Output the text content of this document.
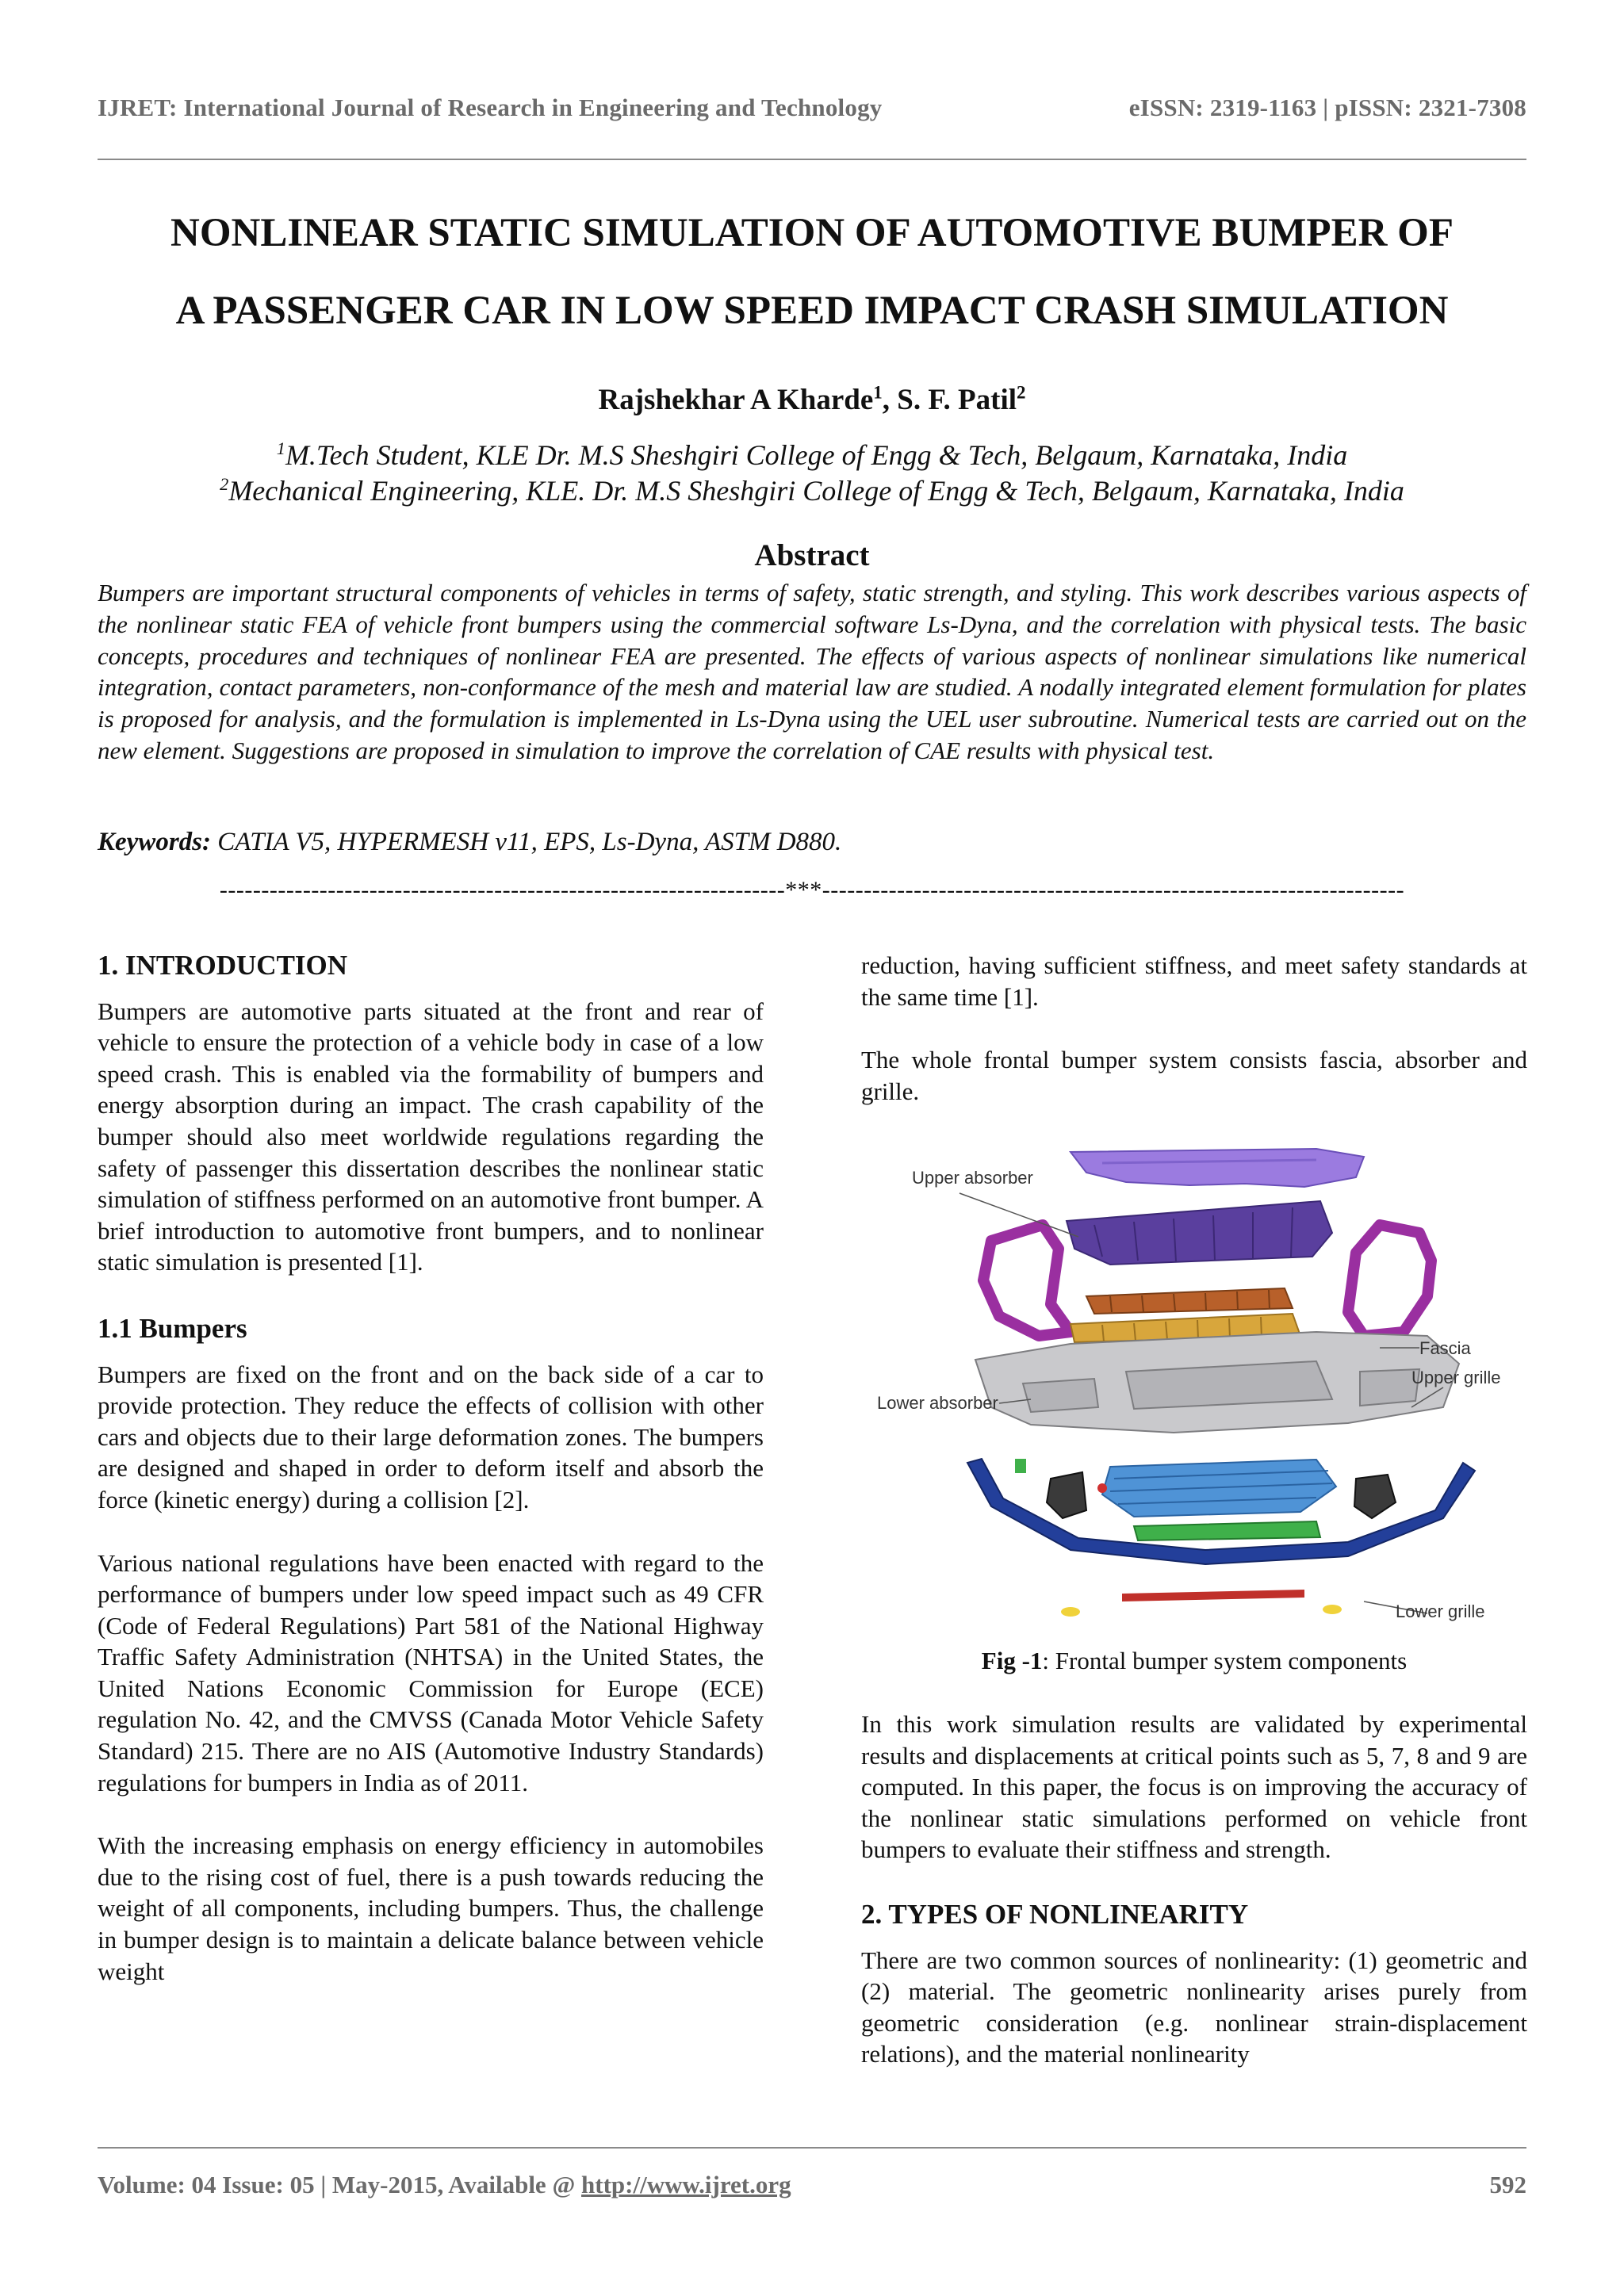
IJRET: International Journal of Research in Engineering and Technology	eISSN: 2319-1163 | pISSN: 2321-7308
NONLINEAR STATIC SIMULATION OF AUTOMOTIVE BUMPER OF
A PASSENGER CAR IN LOW SPEED IMPACT CRASH SIMULATION
Rajshekhar A Kharde$^1$, S. F. Patil$^2$
$^1$M.Tech Student, KLE Dr. M.S Sheshgiri College of Engg & Tech, Belgaum, Karnataka, India
$^2$Mechanical Engineering, KLE. Dr. M.S Sheshgiri College of Engg & Tech, Belgaum, Karnataka, India
Abstract
Bumpers are important structural components of vehicles in terms of safety, static strength, and styling. This work describes various aspects of the nonlinear static FEA of vehicle front bumpers using the commercial software Ls-Dyna, and the correlation with physical tests. The basic concepts, procedures and techniques of nonlinear FEA are presented. The effects of various aspects of nonlinear simulations like numerical integration, contact parameters, non-conformance of the mesh and material law are studied. A nodally integrated element formulation for plates is proposed for analysis, and the formulation is implemented in Ls-Dyna using the UEL user subroutine. Numerical tests are carried out on the new element. Suggestions are proposed in simulation to improve the correlation of CAE results with physical test.
Keywords: CATIA V5, HYPERMESH v11, EPS, Ls-Dyna, ASTM D880.
--------------------------------------------------------------------***----------------------------------------------------------------------
1. INTRODUCTION
Bumpers are automotive parts situated at the front and rear of vehicle to ensure the protection of a vehicle body in case of a low speed crash. This is enabled via the formability of bumpers and energy absorption during an impact. The crash capability of the bumper should also meet worldwide regulations regarding the safety of passenger this dissertation describes the nonlinear static simulation of stiffness performed on an automotive front bumper. A brief introduction to automotive front bumpers, and to nonlinear static simulation is presented [1].
1.1 Bumpers
Bumpers are fixed on the front and on the back side of a car to provide protection. They reduce the effects of collision with other cars and objects due to their large deformation zones. The bumpers are designed and shaped in order to deform itself and absorb the force (kinetic energy) during a collision [2].
Various national regulations have been enacted with regard to the performance of bumpers under low speed impact such as 49 CFR (Code of Federal Regulations) Part 581 of the National Highway Traffic Safety Administration (NHTSA) in the United States, the United Nations Economic Commission for Europe (ECE) regulation No. 42, and the CMVSS (Canada Motor Vehicle Safety Standard) 215. There are no AIS (Automotive Industry Standards) regulations for bumpers in India as of 2011.
With the increasing emphasis on energy efficiency in automobiles due to the rising cost of fuel, there is a push towards reducing the weight of all components, including bumpers. Thus, the challenge in bumper design is to maintain a delicate balance between vehicle weight
reduction, having sufficient stiffness, and meet safety standards at the same time [1].
The whole frontal bumper system consists fascia, absorber and grille.
Upper absorber
Fascia
Lower absorber
Upper grille
Lower grille
Fig -1: Frontal bumper system components
In this work simulation results are validated by experimental results and displacements at critical points such as 5, 7, 8 and 9 are computed. In this paper, the focus is on improving the accuracy of the nonlinear static simulations performed on vehicle front bumpers to evaluate their stiffness and strength.
2. TYPES OF NONLINEARITY
There are two common sources of nonlinearity: (1) geometric and (2) material. The geometric nonlinearity arises purely from geometric consideration (e.g. nonlinear strain-displacement relations), and the material nonlinearity
Volume: 04 Issue: 05 | May-2015, Available @ http://www.ijret.org	592
